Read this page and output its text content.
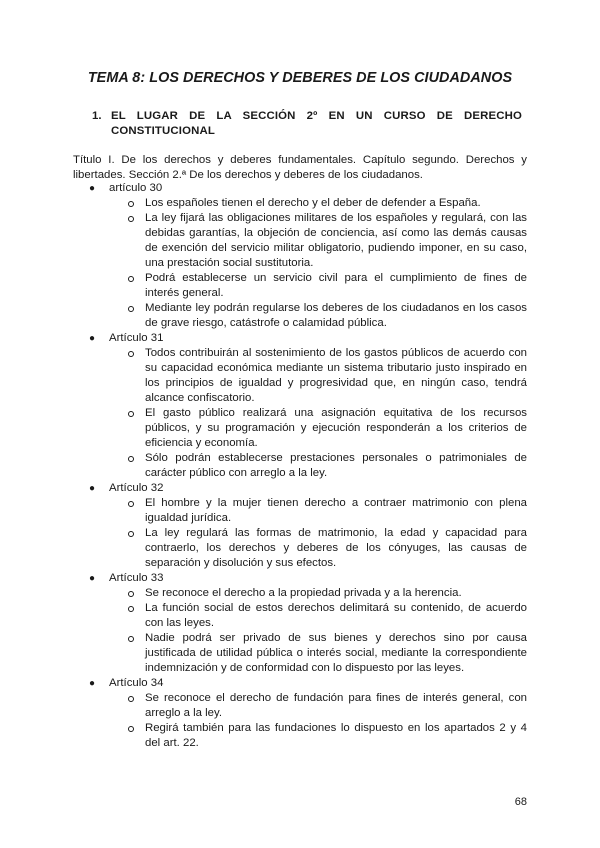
TEMA 8: LOS DERECHOS Y DEBERES DE LOS CIUDADANOS
1. EL LUGAR DE LA SECCIÓN 2º EN UN CURSO DE DERECHO CONSTITUCIONAL
Título I. De los derechos y deberes fundamentales. Capítulo segundo. Derechos y libertades. Sección 2.ª De los derechos y deberes de los ciudadanos.
● artículo 30
Los españoles tienen el derecho y el deber de defender a España.
La ley fijará las obligaciones militares de los españoles y regulará, con las debidas garantías, la objeción de conciencia, así como las demás causas de exención del servicio militar obligatorio, pudiendo imponer, en su caso, una prestación social sustitutoria.
Podrá establecerse un servicio civil para el cumplimiento de fines de interés general.
Mediante ley podrán regularse los deberes de los ciudadanos en los casos de grave riesgo, catástrofe o calamidad pública.
● Artículo 31
Todos contribuirán al sostenimiento de los gastos públicos de acuerdo con su capacidad económica mediante un sistema tributario justo inspirado en los principios de igualdad y progresividad que, en ningún caso, tendrá alcance confiscatorio.
El gasto público realizará una asignación equitativa de los recursos públicos, y su programación y ejecución responderán a los criterios de eficiencia y economía.
Sólo podrán establecerse prestaciones personales o patrimoniales de carácter público con arreglo a la ley.
● Artículo 32
El hombre y la mujer tienen derecho a contraer matrimonio con plena igualdad jurídica.
La ley regulará las formas de matrimonio, la edad y capacidad para contraerlo, los derechos y deberes de los cónyuges, las causas de separación y disolución y sus efectos.
● Artículo 33
Se reconoce el derecho a la propiedad privada y a la herencia.
La función social de estos derechos delimitará su contenido, de acuerdo con las leyes.
Nadie podrá ser privado de sus bienes y derechos sino por causa justificada de utilidad pública o interés social, mediante la correspondiente indemnización y de conformidad con lo dispuesto por las leyes.
● Artículo 34
Se reconoce el derecho de fundación para fines de interés general, con arreglo a la ley.
Regirá también para las fundaciones lo dispuesto en los apartados 2 y 4 del art. 22.
68
